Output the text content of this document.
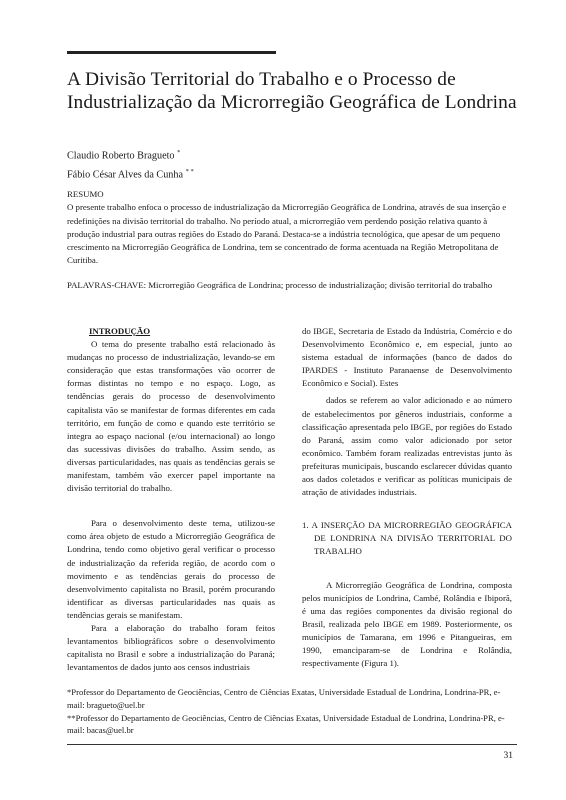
A Divisão Territorial do Trabalho e o Processo de
Industrialização da Microrregião Geográfica de Londrina
Claudio Roberto Bragueto *
Fábio César Alves da Cunha * *
RESUMO

O presente trabalho enfoca o processo de industrialização da Microrregião Geográfica de Londrina, através de sua inserção e redefinições na divisão territorial do trabalho. No período atual, a microrregião vem perdendo posição relativa quanto à produção industrial para outras regiões do Estado do Paraná. Destaca-se a indústria tecnológica, que apesar de um pequeno crescimento na Microrregião Geográfica de Londrina, tem se concentrado de forma acentuada na Região Metropolitana de Curitiba.

PALAVRAS-CHAVE: Microrregião Geográfica de Londrina; processo de industrialização; divisão territorial do trabalho
INTRODUÇÃO

O tema do presente trabalho está relacionado às mudanças no processo de industrialização, levando-se em consideração que estas transformações vão ocorrer de formas distintas no tempo e no espaço. Logo, as tendências gerais do processo de desenvolvimento capitalista vão se manifestar de formas diferentes em cada território, em função de como e quando este território se integra ao espaço nacional (e/ou internacional) ao longo das sucessivas divisões do trabalho. Assim sendo, as diversas particularidades, nas quais as tendências gerais se manifestam, também vão exercer papel importante na divisão territorial do trabalho.

Para o desenvolvimento deste tema, utilizou-se como área objeto de estudo a Microrregião Geográfica de Londrina, tendo como objetivo geral verificar o processo de industrialização da referida região, de acordo com o movimento e as tendências gerais do processo de desenvolvimento capitalista no Brasil, porém procurando identificar as diversas particularidades nas quais as tendências gerais se manifestam.

Para a elaboração do trabalho foram feitos levantamentos bibliográficos sobre o desenvolvimento capitalista no Brasil e sobre a industrialização do Paraná; levantamentos de dados junto aos censos industriais

do IBGE, Secretaria de Estado da Indústria, Comércio e do Desenvolvimento Econômico e, em especial, junto ao sistema estadual de informações (banco de dados do IPARDES - Instituto Paranaense de Desenvolvimento Econômico e Social). Estes

dados se referem ao valor adicionado e ao número de estabelecimentos por gêneros industriais, conforme a classificação apresentada pelo IBGE, por regiões do Estado do Paraná, assim como valor adicionado por setor econômico. Também foram realizadas entrevistas junto às prefeituras municipais, buscando esclarecer dúvidas quanto aos dados coletados e verificar as políticas municipais de atração de atividades industriais.

1. A INSERÇÃO DA MICRORREGIÃO GEOGRÁFICA DE LONDRINA NA DIVISÃO TERRITORIAL DO TRABALHO

A Microrregião Geográfica de Londrina, composta pelos municípios de Londrina, Cambé, Rolândia e Ibiporã, é uma das regiões componentes da divisão regional do Brasil, realizada pelo IBGE em 1989. Posteriormente, os municípios de Tamarana, em 1996 e Pitangueiras, em 1990, emanciparam-se de Londrina e Rolândia, respectivamente (Figura 1).

*Professor do Departamento de Geociências, Centro de Ciências Exatas, Universidade Estadual de Londrina, Londrina-PR, e-mail: bragueto@uel.br

**Professor do Departamento de Geociências, Centro de Ciências Exatas, Universidade Estadual de Londrina, Londrina-PR, e-mail: bacas@uel.br

31
